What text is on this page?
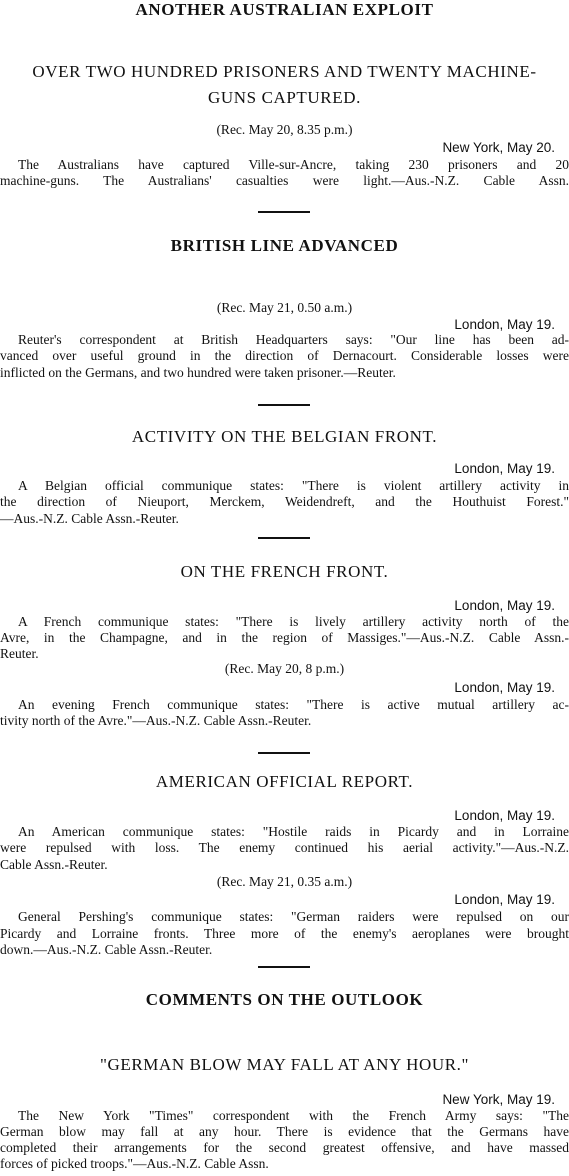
ANOTHER AUSTRALIAN EXPLOIT
OVER TWO HUNDRED PRISONERS AND TWENTY MACHINE-
GUNS CAPTURED.
(Rec. May 20, 8.35 p.m.)
New York, May 20.
The Australians have captured Ville-sur-Ancre, taking 230 prisoners and 20
machine-guns. The Australians' casualties were light.—Aus.-N.Z. Cable Assn.
BRITISH LINE ADVANCED
(Rec. May 21, 0.50 a.m.)
London, May 19.
Reuter's correspondent at British Headquarters says: "Our line has been ad-
vanced over useful ground in the direction of Dernacourt. Considerable losses were
inflicted on the Germans, and two hundred were taken prisoner.—Reuter.
ACTIVITY ON THE BELGIAN FRONT.
London, May 19.
A Belgian official communique states: "There is violent artillery activity in
the direction of Nieuport, Merckem, Weidendreft, and the Houthuist Forest."
—Aus.-N.Z. Cable Assn.-Reuter.
ON THE FRENCH FRONT.
London, May 19.
A French communique states: "There is lively artillery activity north of the
Avre, in the Champagne, and in the region of Massiges."—Aus.-N.Z. Cable Assn.-
Reuter.
(Rec. May 20, 8 p.m.)
London, May 19.
An evening French communique states: "There is active mutual artillery ac-
tivity north of the Avre."—Aus.-N.Z. Cable Assn.-Reuter.
AMERICAN OFFICIAL REPORT.
London, May 19.
An American communique states: "Hostile raids in Picardy and in Lorraine
were repulsed with loss. The enemy continued his aerial activity."—Aus.-N.Z.
Cable Assn.-Reuter.
(Rec. May 21, 0.35 a.m.)
London, May 19.
General Pershing's communique states: "German raiders were repulsed on our
Picardy and Lorraine fronts. Three more of the enemy's aeroplanes were brought
down.—Aus.-N.Z. Cable Assn.-Reuter.
COMMENTS ON THE OUTLOOK
"GERMAN BLOW MAY FALL AT ANY HOUR."
New York, May 19.
The New York "Times" correspondent with the French Army says: "The
German blow may fall at any hour. There is evidence that the Germans have
completed their arrangements for the second greatest offensive, and have massed
forces of picked troops."—Aus.-N.Z. Cable Assn.
